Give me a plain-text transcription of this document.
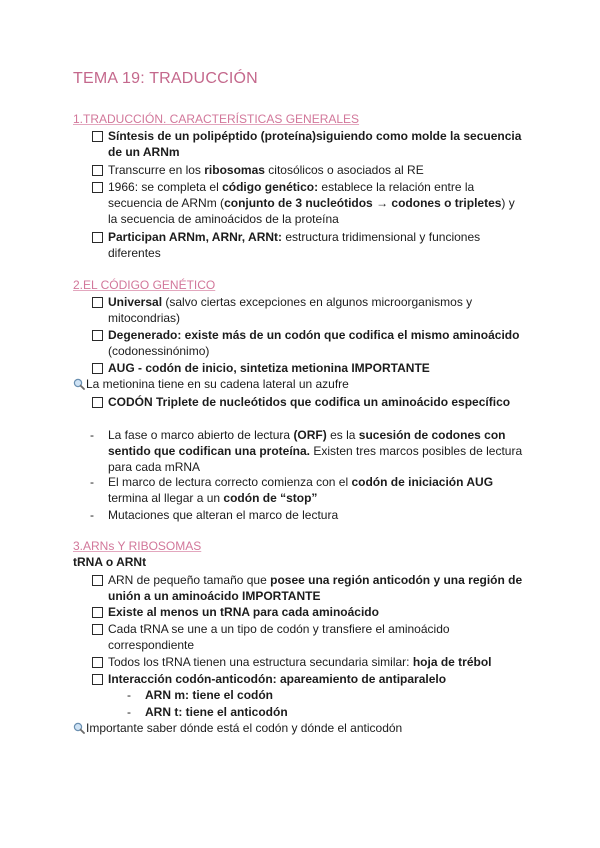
TEMA 19: TRADUCCIÓN
1.TRADUCCIÓN. CARACTERÍSTICAS GENERALES
Síntesis de un polipéptido (proteína)siguiendo como molde la secuencia
de un ARNm
Transcurre en los ribosomas citosólicos o asociados al RE
1966: se completa el código genético: establece la relación entre la
secuencia de ARNm (conjunto de 3 nucleótidos → codones o tripletes) y
la secuencia de aminoácidos de la proteína
Participan ARNm, ARNr, ARNt: estructura tridimensional y funciones
diferentes
2.EL CÓDIGO GENÉTICO
Universal (salvo ciertas excepciones en algunos microorganismos y
mitocondrias)
Degenerado: existe más de un codón que codifica el mismo aminoácido
(codonessinónimo)
AUG - codón de inicio, sintetiza metionina IMPORTANTE
La metionina tiene en su cadena lateral un azufre
CODÓN Triplete de nucleótidos que codifica un aminoácido específico
- La fase o marco abierto de lectura (ORF) es la sucesión de codones con
sentido que codifican una proteína. Existen tres marcos posibles de lectura
para cada mRNA
- El marco de lectura correcto comienza con el codón de iniciación AUG
termina al llegar a un codón de “stop”
- Mutaciones que alteran el marco de lectura
3.ARNs Y RIBOSOMAS
tRNA o ARNt
ARN de pequeño tamaño que posee una región anticodón y una región de
unión a un aminoácido IMPORTANTE
Existe al menos un tRNA para cada aminoácido
Cada tRNA se une a un tipo de codón y transfiere el aminoácido
correspondiente
Todos los tRNA tienen una estructura secundaria similar: hoja de trébol
Interacción codón-anticodón: apareamiento de antiparalelo
- ARN m: tiene el codón
- ARN t: tiene el anticodón
Importante saber dónde está el codón y dónde el anticodón
